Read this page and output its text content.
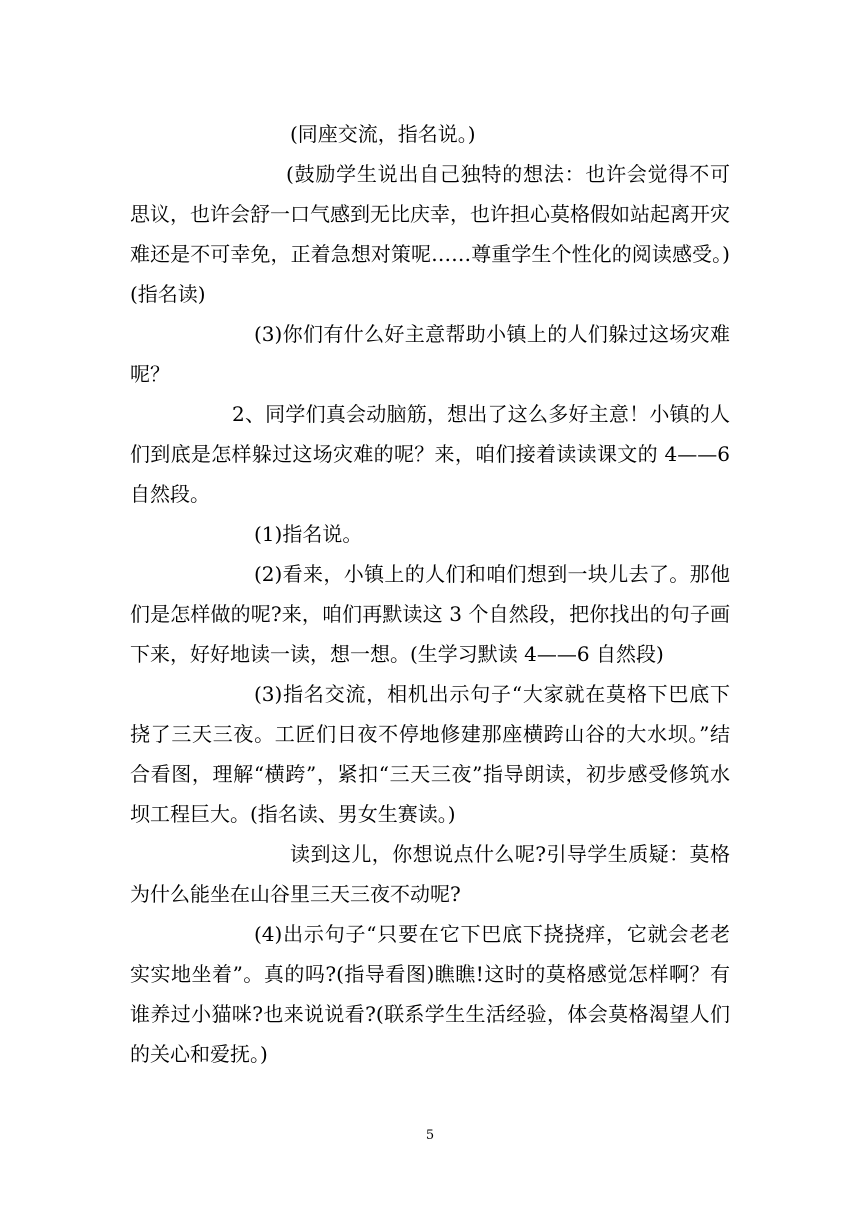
(同座交流，指名说。)

(鼓励学生说出自己独特的想法：也许会觉得不可思议，也许会舒一口气感到无比庆幸，也许担心莫格假如站起离开灾难还是不可幸免，正着急想对策呢……尊重学生个性化的阅读感受。)(指名读)

(3)你们有什么好主意帮助小镇上的人们躲过这场灾难呢？

2、同学们真会动脑筋，想出了这么多好主意！小镇的人们到底是怎样躲过这场灾难的呢？来，咱们接着读读课文的 4——6 自然段。

(1)指名说。

(2)看来，小镇上的人们和咱们想到一块儿去了。那他们是怎样做的呢?来，咱们再默读这 3 个自然段，把你找出的句子画下来，好好地读一读，想一想。(生学习默读 4——6 自然段)

(3)指名交流，相机出示句子“大家就在莫格下巴底下挠了三天三夜。工匠们日夜不停地修建那座横跨山谷的大水坝。”结合看图，理解“横跨”，紧扣“三天三夜”指导朗读，初步感受修筑水坝工程巨大。(指名读、男女生赛读。)

读到这儿，你想说点什么呢?引导学生质疑：莫格为什么能坐在山谷里三天三夜不动呢?

(4)出示句子“只要在它下巴底下挠挠痒，它就会老老实实地坐着”。真的吗?(指导看图)瞧瞧!这时的莫格感觉怎样啊？有谁养过小猫咪?也来说说看?(联系学生生活经验，体会莫格渴望人们的关心和爱抚。)

5
